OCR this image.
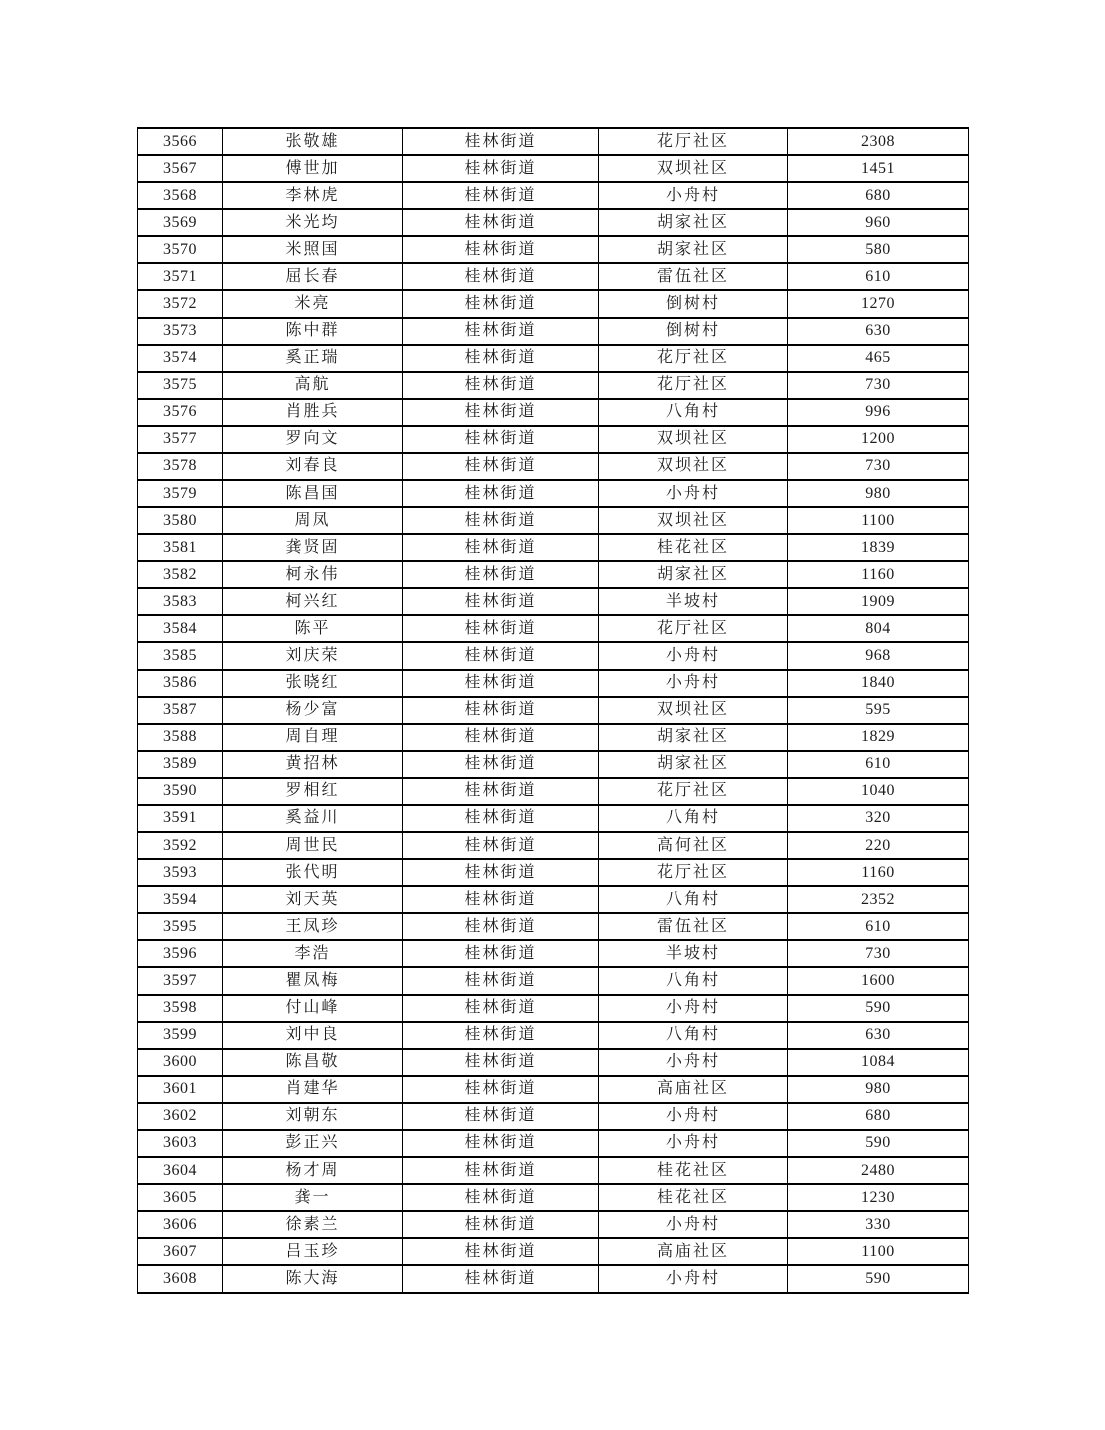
3566	张敬雄	桂林街道	花厅社区	2308
3567	傅世加	桂林街道	双坝社区	1451
3568	李林虎	桂林街道	小舟村	680
3569	米光均	桂林街道	胡家社区	960
3570	米照国	桂林街道	胡家社区	580
3571	屈长春	桂林街道	雷伍社区	610
3572	米亮	桂林街道	倒树村	1270
3573	陈中群	桂林街道	倒树村	630
3574	奚正瑞	桂林街道	花厅社区	465
3575	高航	桂林街道	花厅社区	730
3576	肖胜兵	桂林街道	八角村	996
3577	罗向文	桂林街道	双坝社区	1200
3578	刘春良	桂林街道	双坝社区	730
3579	陈昌国	桂林街道	小舟村	980
3580	周凤	桂林街道	双坝社区	1100
3581	龚贤固	桂林街道	桂花社区	1839
3582	柯永伟	桂林街道	胡家社区	1160
3583	柯兴红	桂林街道	半坡村	1909
3584	陈平	桂林街道	花厅社区	804
3585	刘庆荣	桂林街道	小舟村	968
3586	张晓红	桂林街道	小舟村	1840
3587	杨少富	桂林街道	双坝社区	595
3588	周自理	桂林街道	胡家社区	1829
3589	黄招林	桂林街道	胡家社区	610
3590	罗相红	桂林街道	花厅社区	1040
3591	奚益川	桂林街道	八角村	320
3592	周世民	桂林街道	高何社区	220
3593	张代明	桂林街道	花厅社区	1160
3594	刘天英	桂林街道	八角村	2352
3595	王凤珍	桂林街道	雷伍社区	610
3596	李浩	桂林街道	半坡村	730
3597	瞿凤梅	桂林街道	八角村	1600
3598	付山峰	桂林街道	小舟村	590
3599	刘中良	桂林街道	八角村	630
3600	陈昌敬	桂林街道	小舟村	1084
3601	肖建华	桂林街道	高庙社区	980
3602	刘朝东	桂林街道	小舟村	680
3603	彭正兴	桂林街道	小舟村	590
3604	杨才周	桂林街道	桂花社区	2480
3605	龚一	桂林街道	桂花社区	1230
3606	徐素兰	桂林街道	小舟村	330
3607	吕玉珍	桂林街道	高庙社区	1100
3608	陈大海	桂林街道	小舟村	590
